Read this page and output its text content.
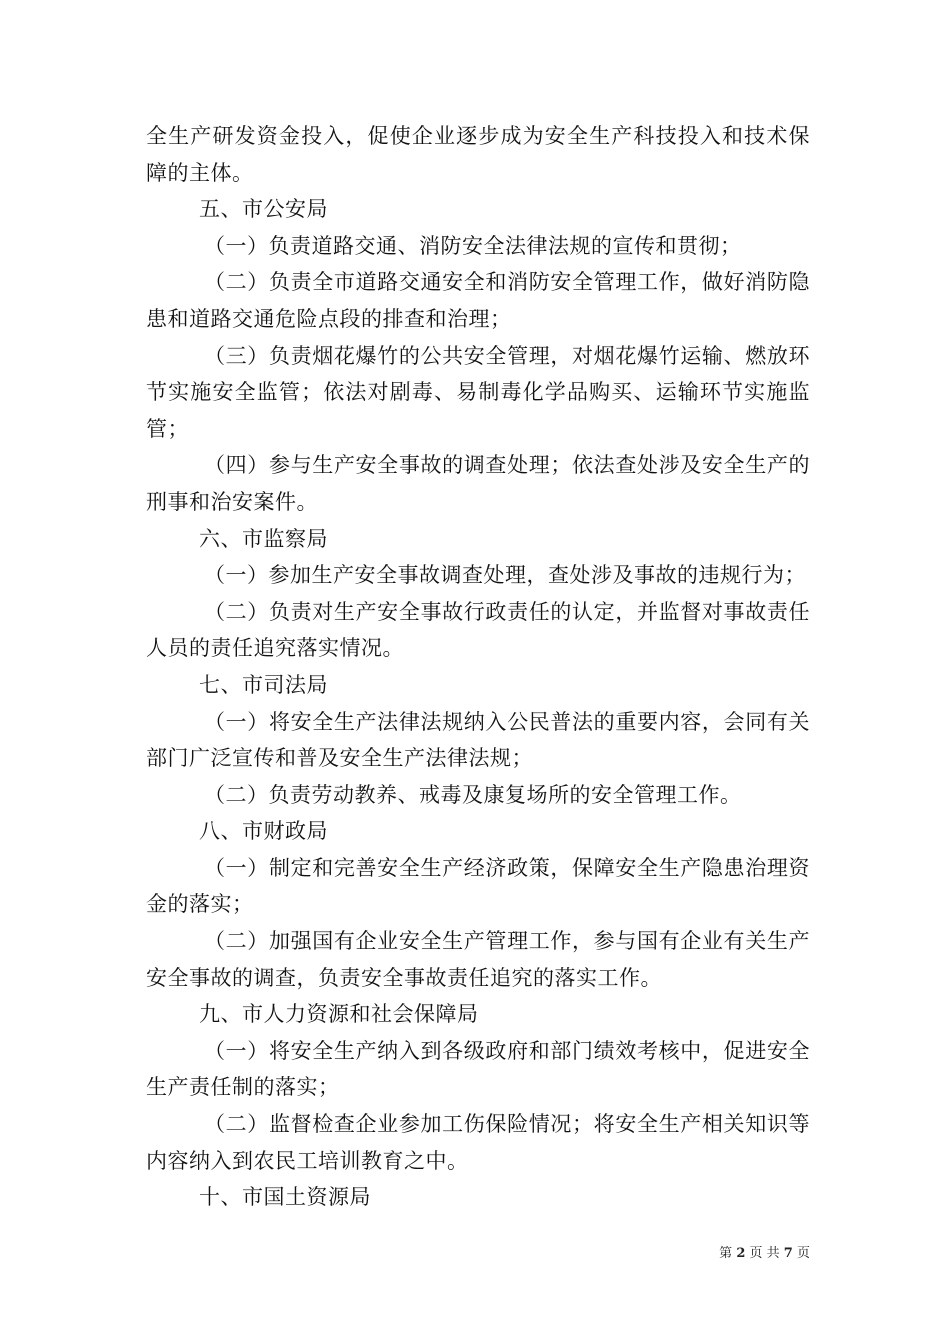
全生产研发资金投入，促使企业逐步成为安全生产科技投入和技术保障的主体。

五、市公安局

（一）负责道路交通、消防安全法律法规的宣传和贯彻；

（二）负责全市道路交通安全和消防安全管理工作，做好消防隐患和道路交通危险点段的排查和治理；

（三）负责烟花爆竹的公共安全管理，对烟花爆竹运输、燃放环节实施安全监管；依法对剧毒、易制毒化学品购买、运输环节实施监管；

（四）参与生产安全事故的调查处理；依法查处涉及安全生产的刑事和治安案件。

六、市监察局

（一）参加生产安全事故调查处理，查处涉及事故的违规行为；

（二）负责对生产安全事故行政责任的认定，并监督对事故责任人员的责任追究落实情况。

七、市司法局

（一）将安全生产法律法规纳入公民普法的重要内容，会同有关部门广泛宣传和普及安全生产法律法规；

（二）负责劳动教养、戒毒及康复场所的安全管理工作。

八、市财政局

（一）制定和完善安全生产经济政策，保障安全生产隐患治理资金的落实；

（二）加强国有企业安全生产管理工作，参与国有企业有关生产安全事故的调查，负责安全事故责任追究的落实工作。

九、市人力资源和社会保障局

（一）将安全生产纳入到各级政府和部门绩效考核中，促进安全生产责任制的落实；

（二）监督检查企业参加工伤保险情况；将安全生产相关知识等内容纳入到农民工培训教育之中。

十、市国土资源局

第 2 页 共 7 页
